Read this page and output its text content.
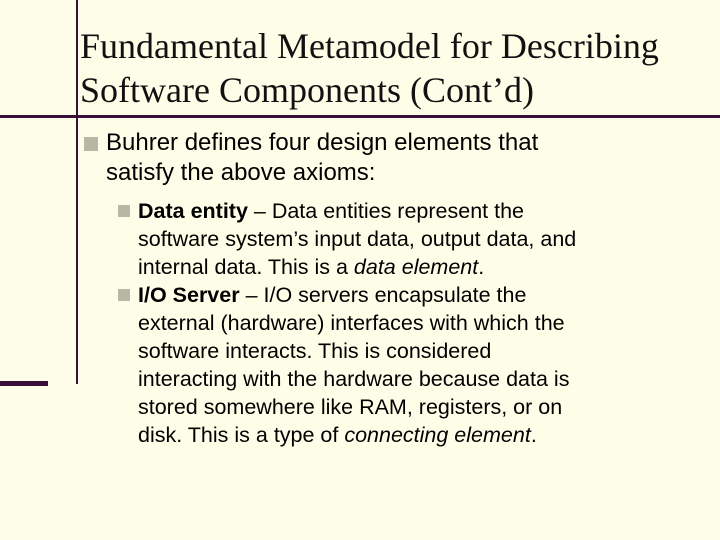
Fundamental Metamodel for Describing
Software Components (Cont’d)
Buhrer defines four design elements that
satisfy the above axioms:
Data entity – Data entities represent the
software system’s input data, output data, and
internal data. This is a data element.
I/O Server – I/O servers encapsulate the
external (hardware) interfaces with which the
software interacts. This is considered
interacting with the hardware because data is
stored somewhere like RAM, registers, or on
disk. This is a type of connecting element.
